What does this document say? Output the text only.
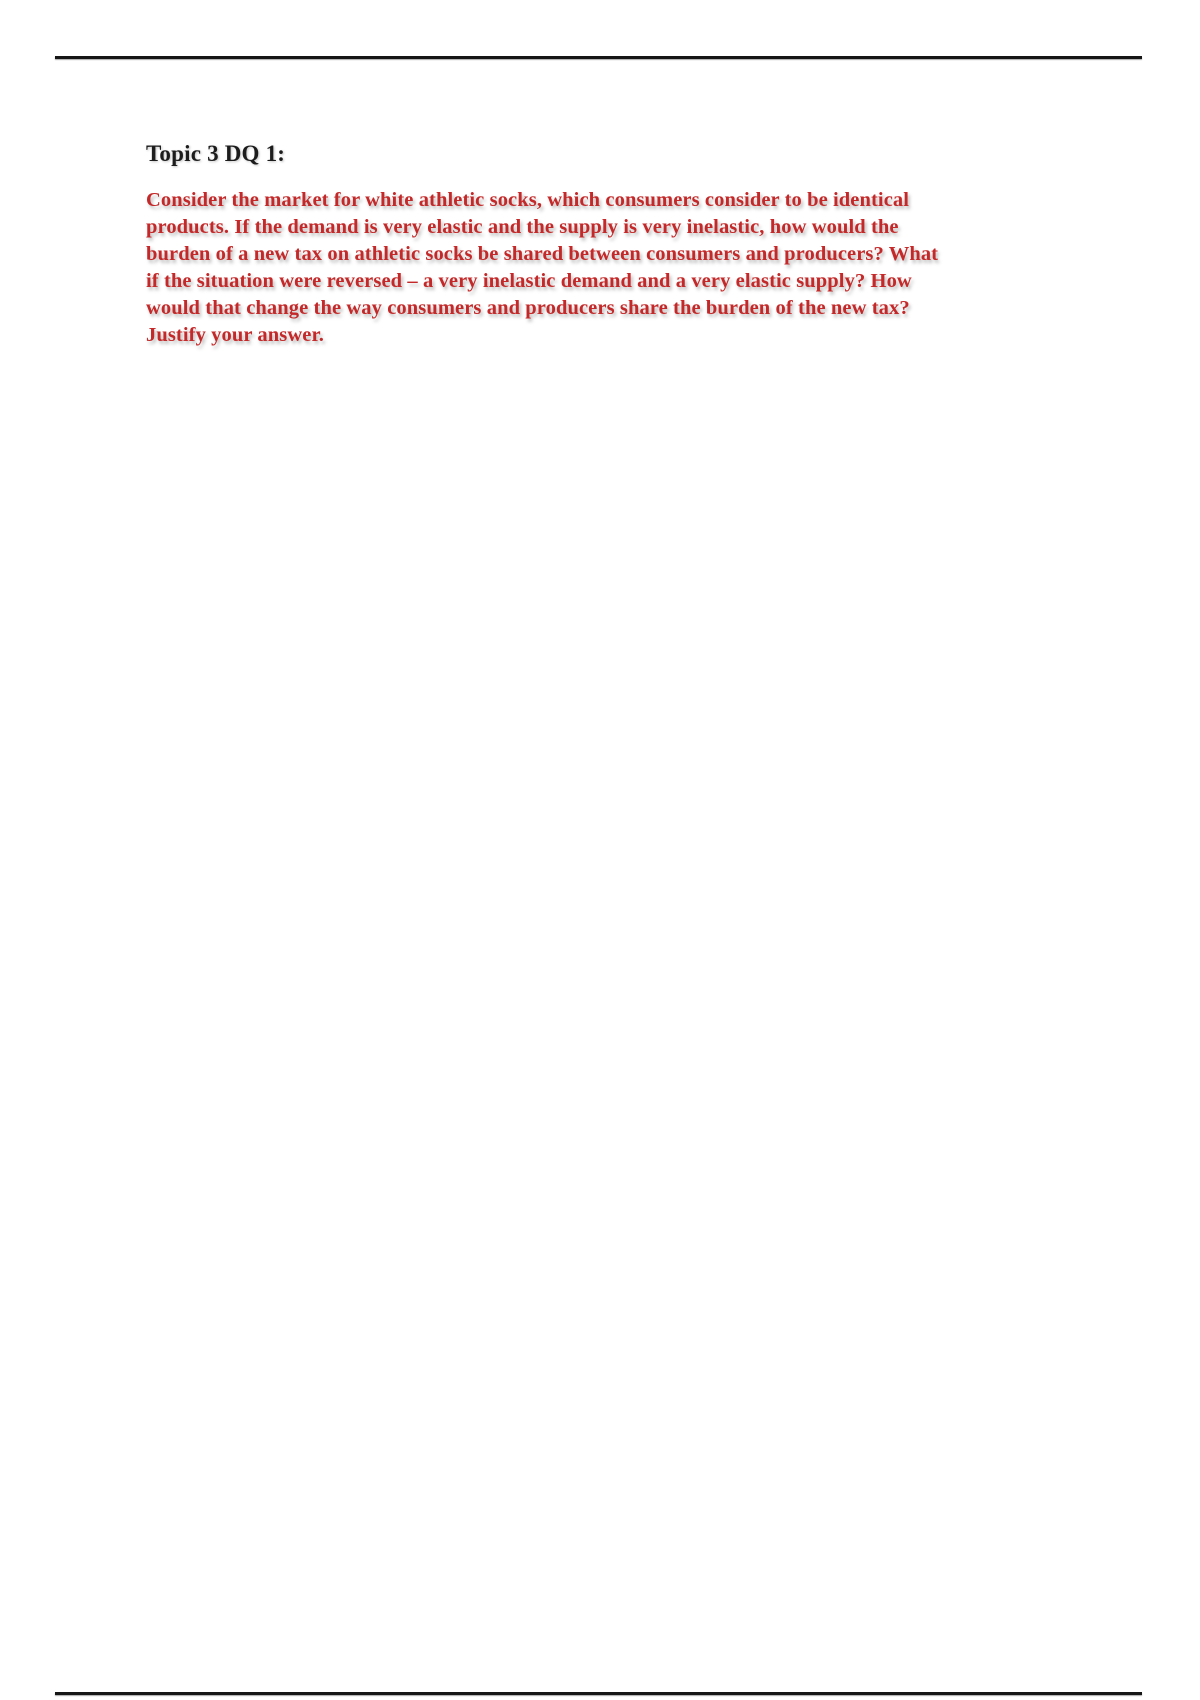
Topic 3 DQ 1:

Consider the market for white athletic socks, which consumers consider to be identical
products. If the demand is very elastic and the supply is very inelastic, how would the
burden of a new tax on athletic socks be shared between consumers and producers? What
if the situation were reversed – a very inelastic demand and a very elastic supply? How
would that change the way consumers and producers share the burden of the new tax?
Justify your answer.
